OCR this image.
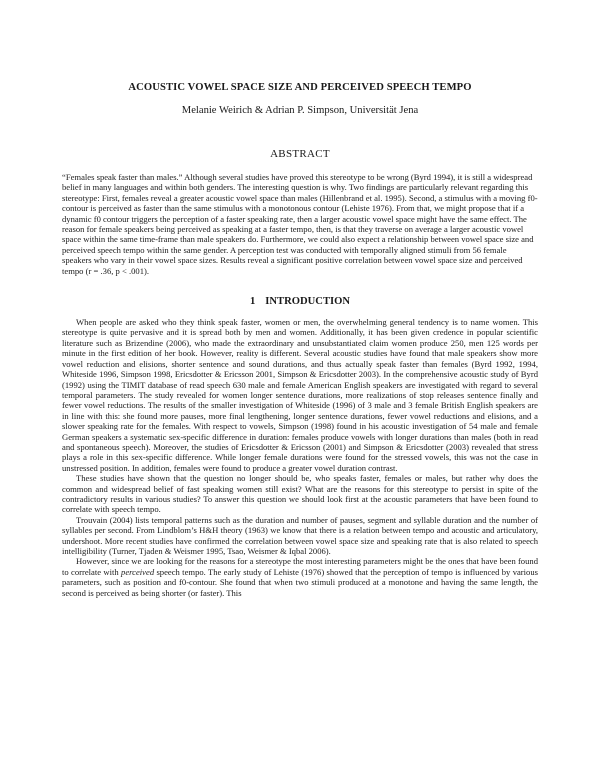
ACOUSTIC VOWEL SPACE SIZE AND PERCEIVED SPEECH TEMPO
Melanie Weirich & Adrian P. Simpson, Universität Jena
ABSTRACT

“Females speak faster than males.” Although several studies have proved this stereotype to be wrong (Byrd 1994), it is still a widespread belief in many languages and within both genders. The interesting question is why. Two findings are particularly relevant regarding this stereotype: First, females reveal a greater acoustic vowel space than males (Hillenbrand et al. 1995). Second, a stimulus with a moving f0-contour is perceived as faster than the same stimulus with a monotonous contour (Lehiste 1976). From that, we might propose that if a dynamic f0 contour triggers the perception of a faster speaking rate, then a larger acoustic vowel space might have the same effect. The reason for female speakers being perceived as speaking at a faster tempo, then, is that they traverse on average a larger acoustic vowel space within the same time-frame than male speakers do. Furthermore, we could also expect a relationship between vowel space size and perceived speech tempo within the same gender. A perception test was conducted with temporally aligned stimuli from 56 female speakers who vary in their vowel space sizes. Results reveal a significant positive correlation between vowel space size and perceived tempo (r = .36, p < .001).

1 INTRODUCTION

When people are asked who they think speak faster, women or men, the overwhelming general tendency is to name women. This stereotype is quite pervasive and it is spread both by men and women. Additionally, it has been given credence in popular scientific literature such as Brizendine (2006), who made the extraordinary and unsubstantiated claim women produce 250, men 125 words per minute in the first edition of her book. However, reality is different. Several acoustic studies have found that male speakers show more vowel reduction and elisions, shorter sentence and sound durations, and thus actually speak faster than females (Byrd 1992, 1994, Whiteside 1996, Simpson 1998, Ericsdotter & Ericsson 2001, Simpson & Ericsdotter 2003). In the comprehensive acoustic study of Byrd (1992) using the TIMIT database of read speech 630 male and female American English speakers are investigated with regard to several temporal parameters. The study revealed for women longer sentence durations, more realizations of stop releases sentence finally and fewer vowel reductions. The results of the smaller investigation of Whiteside (1996) of 3 male and 3 female British English speakers are in line with this: she found more pauses, more final lengthening, longer sentence durations, fewer vowel reductions and elisions, and a slower speaking rate for the females. With respect to vowels, Simpson (1998) found in his acoustic investigation of 54 male and female German speakers a systematic sex-specific difference in duration: females produce vowels with longer durations than males (both in read and spontaneous speech). Moreover, the studies of Ericsdotter & Ericsson (2001) and Simpson & Ericsdotter (2003) revealed that stress plays a role in this sex-specific difference. While longer female durations were found for the stressed vowels, this was not the case in unstressed position. In addition, females were found to produce a greater vowel duration contrast.

These studies have shown that the question no longer should be, who speaks faster, females or males, but rather why does the common and widespread belief of fast speaking women still exist? What are the reasons for this stereotype to persist in spite of the contradictory results in various studies? To answer this question we should look first at the acoustic parameters that have been found to correlate with speech tempo.

Trouvain (2004) lists temporal patterns such as the duration and number of pauses, segment and syllable duration and the number of syllables per second. From Lindblom’s H&H theory (1963) we know that there is a relation between tempo and acoustic and articulatory, undershoot. More recent studies have confirmed the correlation between vowel space size and speaking rate that is also related to speech intelligibility (Turner, Tjaden & Weismer 1995, Tsao, Weismer & Iqbal 2006).

However, since we are looking for the reasons for a stereotype the most interesting parameters might be the ones that have been found to correlate with perceived speech tempo. The early study of Lehiste (1976) showed that the perception of tempo is influenced by various parameters, such as position and f0-contour. She found that when two stimuli produced at a monotone and having the same length, the second is perceived as being shorter (or faster). This
